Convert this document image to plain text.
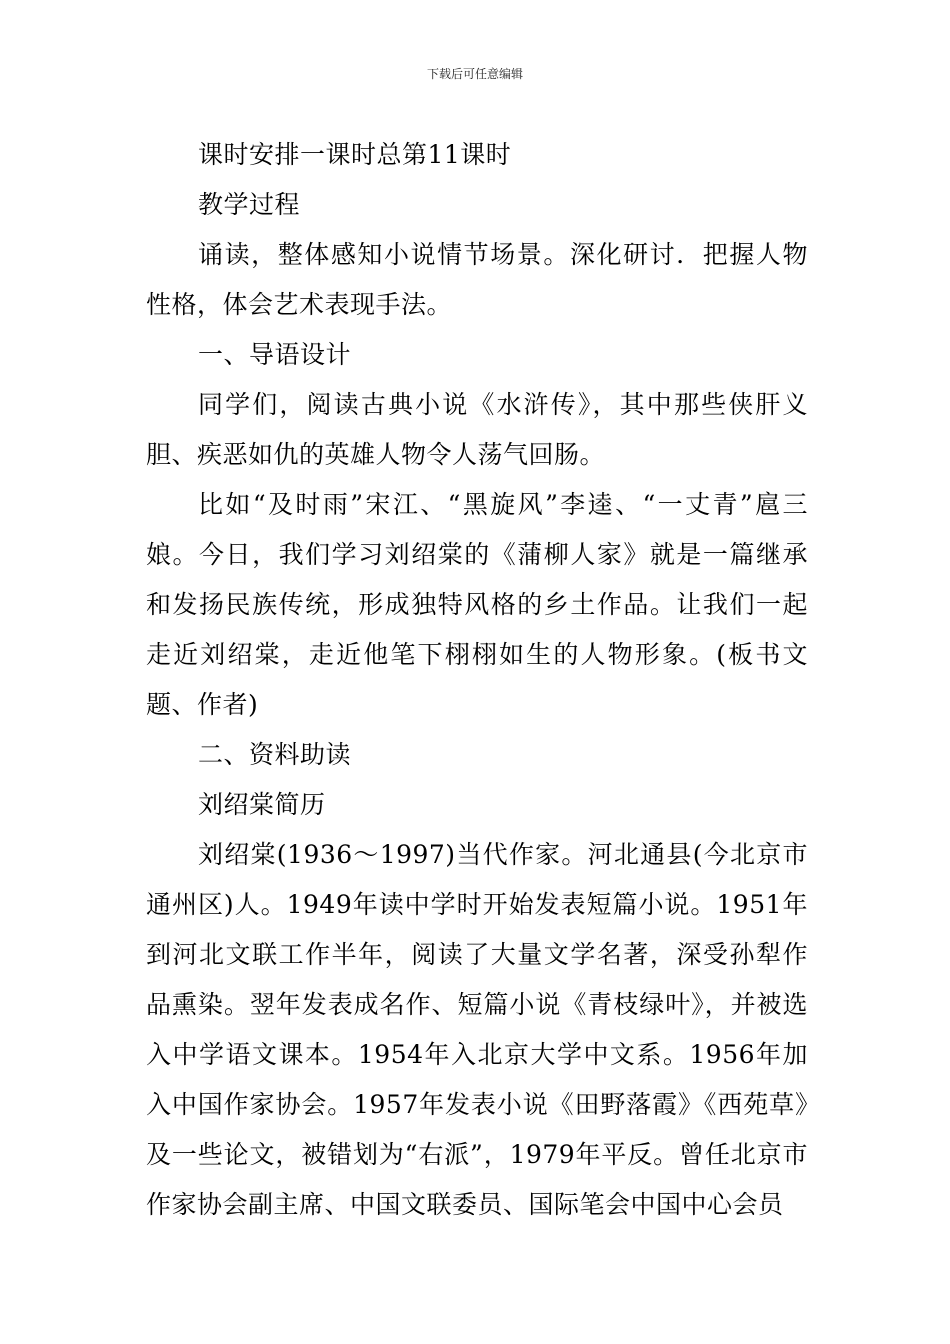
下载后可任意编辑

课时安排一课时总第11课时

教学过程

诵读，整体感知小说情节场景。深化研讨．把握人物性格，体会艺术表现手法。

一、导语设计

同学们，阅读古典小说《水浒传》，其中那些侠肝义胆、疾恶如仇的英雄人物令人荡气回肠。

比如“及时雨”宋江、“黑旋风”李逵、“一丈青”扈三娘。今日，我们学习刘绍棠的《蒲柳人家》就是一篇继承和发扬民族传统，形成独特风格的乡土作品。让我们一起走近刘绍棠，走近他笔下栩栩如生的人物形象。(板书文题、作者)

二、资料助读

刘绍棠简历

刘绍棠(1936～1997)当代作家。河北通县(今北京市通州区)人。1949年读中学时开始发表短篇小说。1951年到河北文联工作半年，阅读了大量文学名著，深受孙犁作品熏染。翌年发表成名作、短篇小说《青枝绿叶》，并被选入中学语文课本。1954年入北京大学中文系。1956年加入中国作家协会。1957年发表小说《田野落霞》《西苑草》及一些论文，被错划为“右派”，1979年平反。曾任北京市作家协会副主席、中国文联委员、国际笔会中国中心会员
